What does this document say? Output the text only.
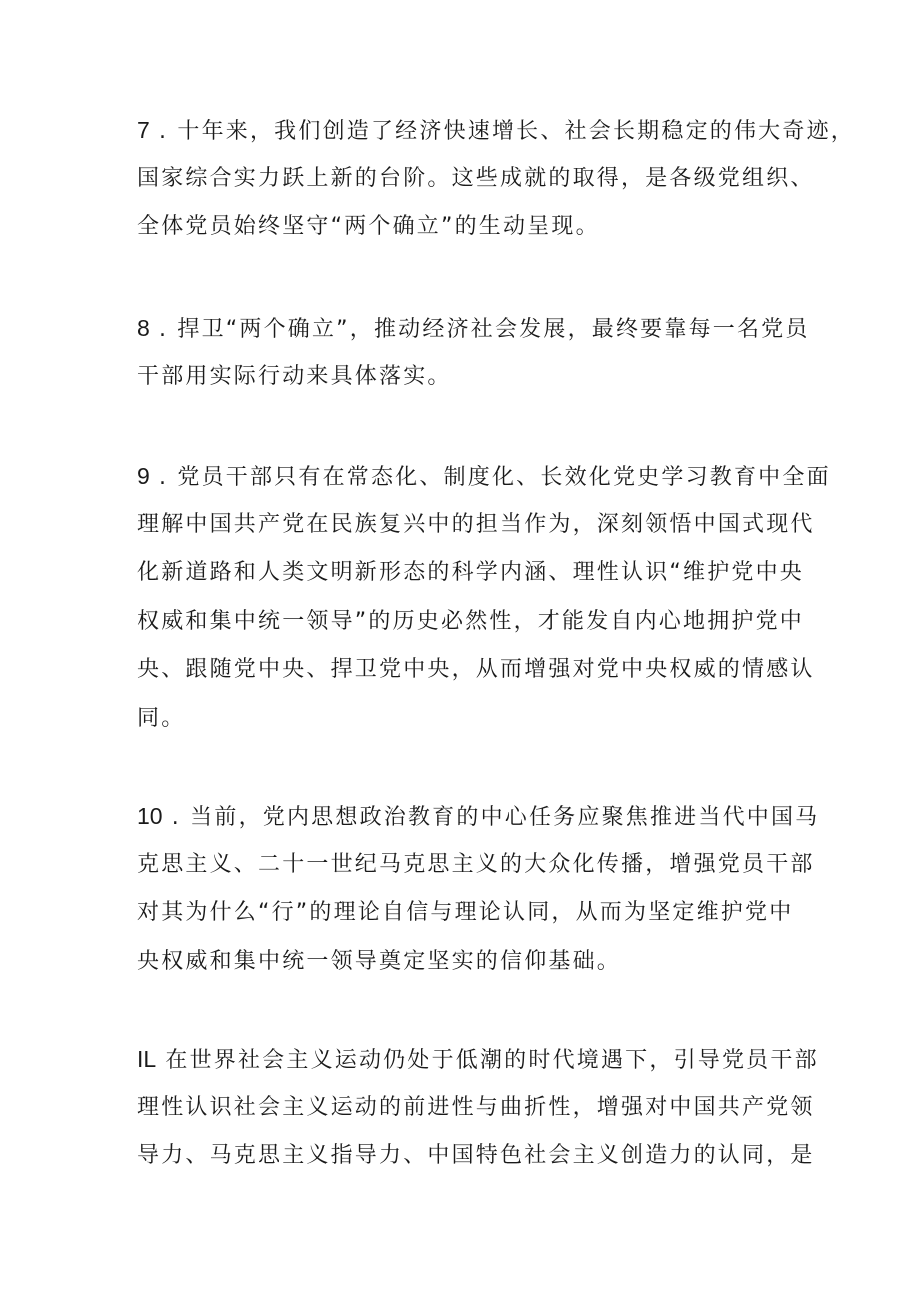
7 . 十年来，我们创造了经济快速增长、社会长期稳定的伟大奇迹，
国家综合实力跃上新的台阶。这些成就的取得，是各级党组织、
全体党员始终坚守“两个确立”的生动呈现。
8 . 捍卫“两个确立”，推动经济社会发展，最终要靠每一名党员
干部用实际行动来具体落实。
9 . 党员干部只有在常态化、制度化、长效化党史学习教育中全面
理解中国共产党在民族复兴中的担当作为，深刻领悟中国式现代
化新道路和人类文明新形态的科学内涵、理性认识“维护党中央
权威和集中统一领导”的历史必然性，才能发自内心地拥护党中
央、跟随党中央、捍卫党中央，从而增强对党中央权威的情感认
同。
10 . 当前，党内思想政治教育的中心任务应聚焦推进当代中国马
克思主义、二十一世纪马克思主义的大众化传播，增强党员干部
对其为什么“行”的理论自信与理论认同，从而为坚定维护党中
央权威和集中统一领导奠定坚实的信仰基础。
IL 在世界社会主义运动仍处于低潮的时代境遇下，引导党员干部
理性认识社会主义运动的前进性与曲折性，增强对中国共产党领
导力、马克思主义指导力、中国特色社会主义创造力的认同，是
